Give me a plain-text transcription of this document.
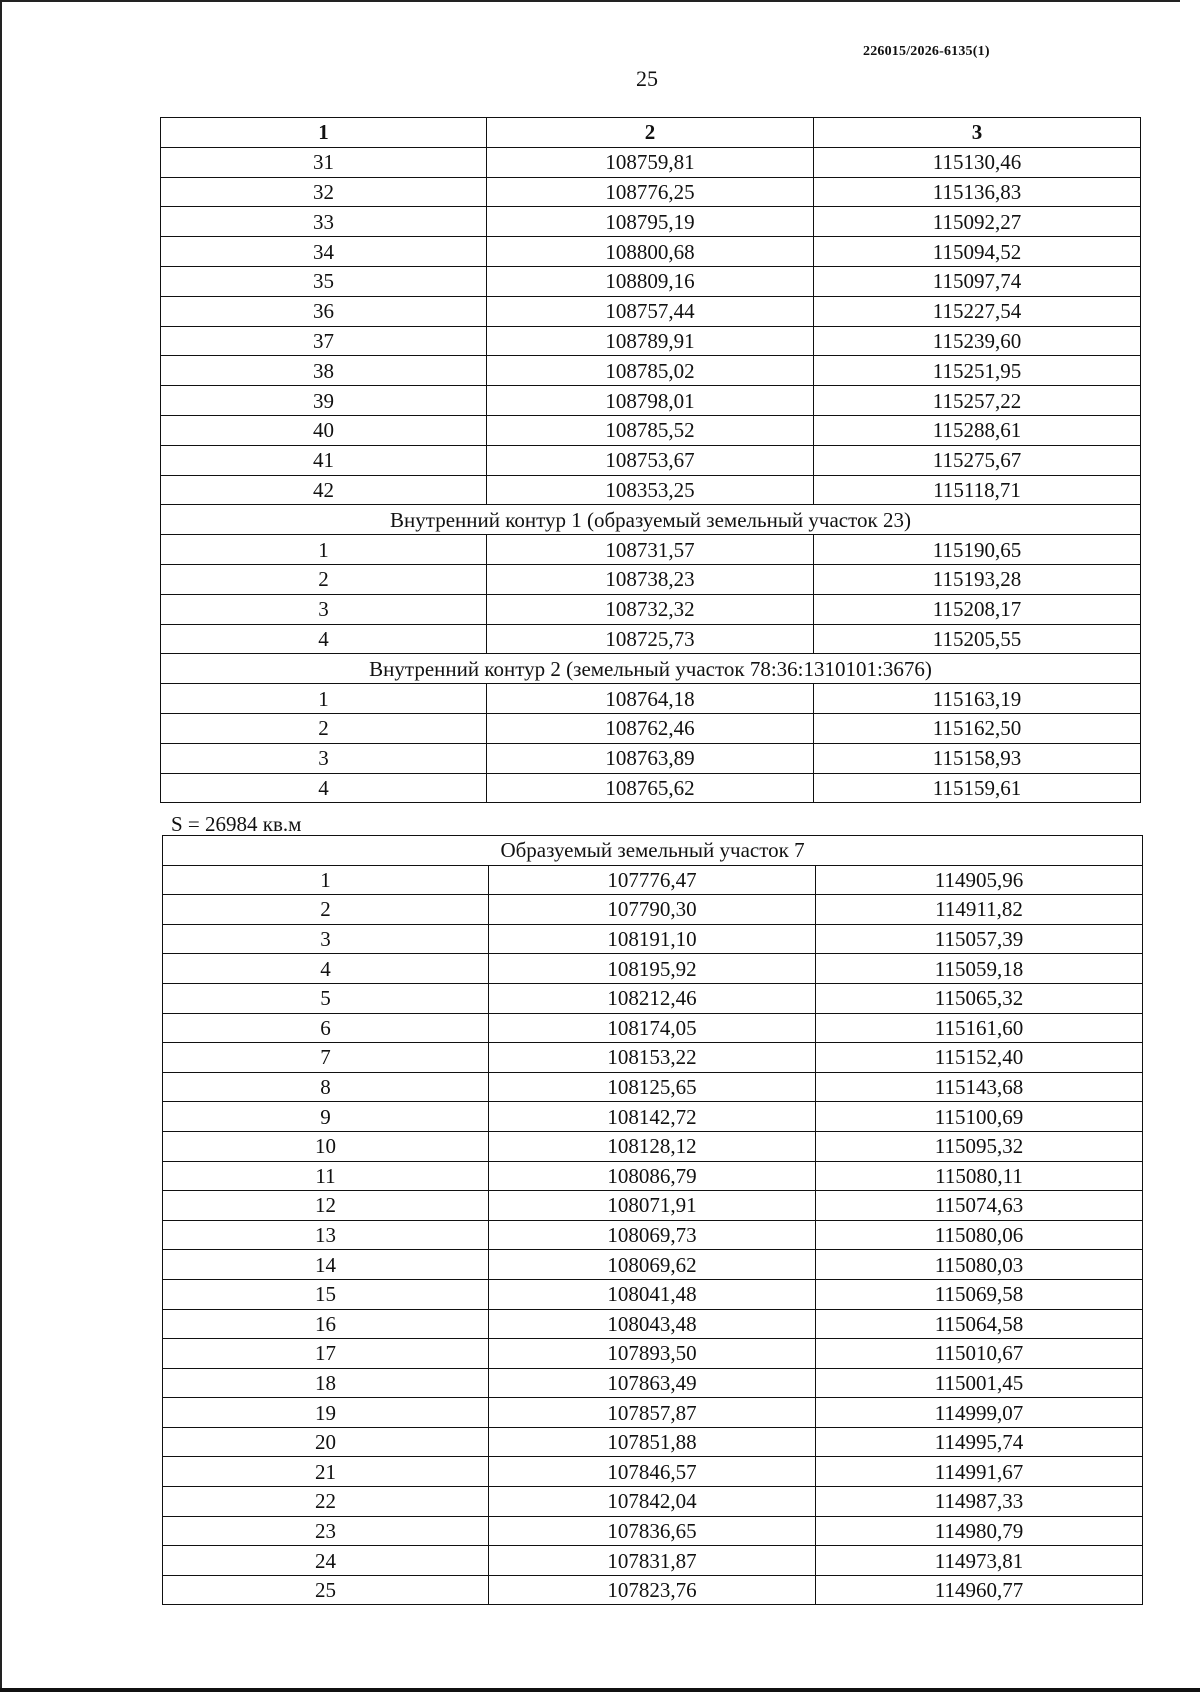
226015/2026-6135(1)
25
1	2	3
31	108759,81	115130,46
32	108776,25	115136,83
33	108795,19	115092,27
34	108800,68	115094,52
35	108809,16	115097,74
36	108757,44	115227,54
37	108789,91	115239,60
38	108785,02	115251,95
39	108798,01	115257,22
40	108785,52	115288,61
41	108753,67	115275,67
42	108353,25	115118,71
Внутренний контур 1 (образуемый земельный участок 23)		
1	108731,57	115190,65
2	108738,23	115193,28
3	108732,32	115208,17
4	108725,73	115205,55
Внутренний контур 2 (земельный участок 78:36:1310101:3676)		
1	108764,18	115163,19
2	108762,46	115162,50
3	108763,89	115158,93
4	108765,62	115159,61
S = 26984 кв.м
Образуемый земельный участок 7		
1	107776,47	114905,96
2	107790,30	114911,82
3	108191,10	115057,39
4	108195,92	115059,18
5	108212,46	115065,32
6	108174,05	115161,60
7	108153,22	115152,40
8	108125,65	115143,68
9	108142,72	115100,69
10	108128,12	115095,32
11	108086,79	115080,11
12	108071,91	115074,63
13	108069,73	115080,06
14	108069,62	115080,03
15	108041,48	115069,58
16	108043,48	115064,58
17	107893,50	115010,67
18	107863,49	115001,45
19	107857,87	114999,07
20	107851,88	114995,74
21	107846,57	114991,67
22	107842,04	114987,33
23	107836,65	114980,79
24	107831,87	114973,81
25	107823,76	114960,77
